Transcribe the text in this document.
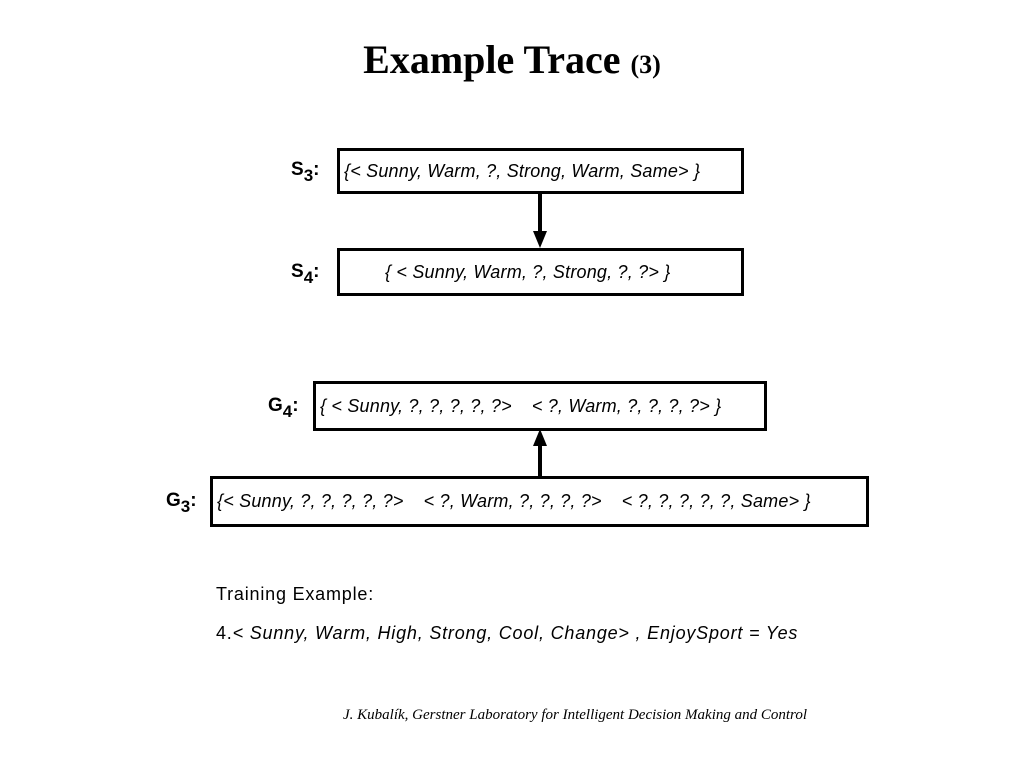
Example Trace (3)
$S_3$: {< Sunny, Warm, ?, Strong, Warm, Same> }
$S_4$:	{ < Sunny, Warm, ?, Strong, ?, ?> }
$G_4$: { < Sunny, ?, ?, ?, ?, ?> < ?, Warm, ?, ?, ?, ?> }
$G_3$: {< Sunny, ?, ?, ?, ?, ?> < ?, Warm, ?, ?, ?, ?> < ?, ?, ?, ?, ?, Same> }
Training Example:
4.< Sunny, Warm, High, Strong, Cool, Change> , EnjoySport = Yes
J. Kubalík, Gerstner Laboratory for Intelligent Decision Making and Control
